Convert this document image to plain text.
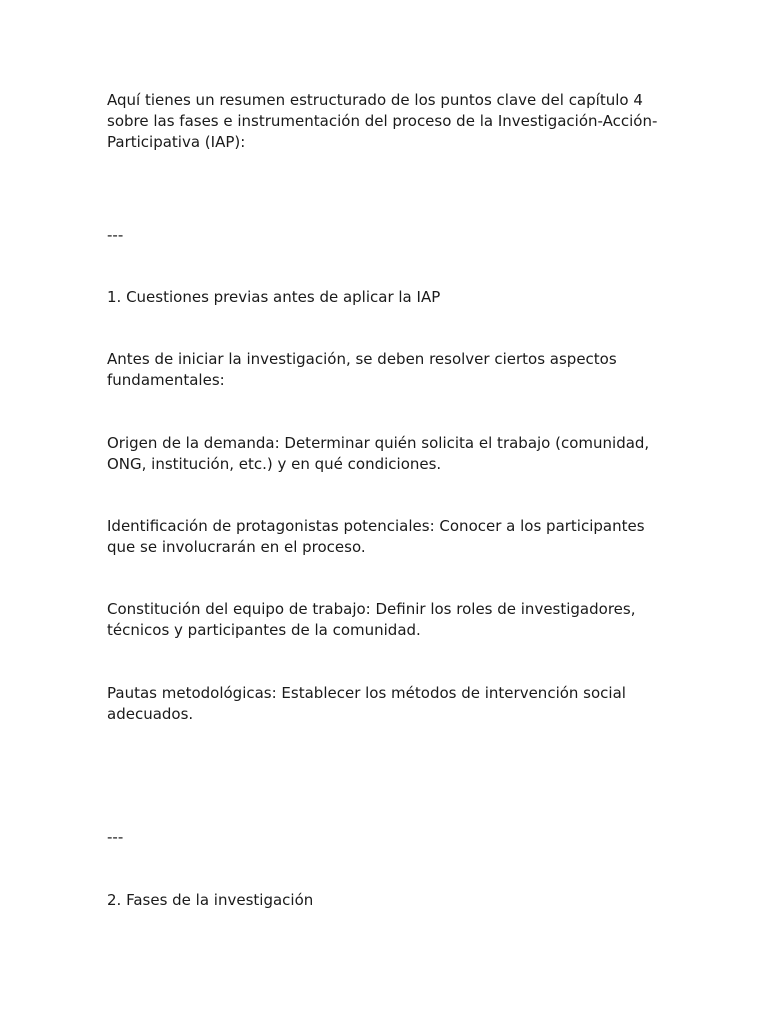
Aquí tienes un resumen estructurado de los puntos clave del capítulo 4
sobre las fases e instrumentación del proceso de la Investigación-Acción-
Participativa (IAP):

---

1. Cuestiones previas antes de aplicar la IAP

Antes de iniciar la investigación, se deben resolver ciertos aspectos
fundamentales:

Origen de la demanda: Determinar quién solicita el trabajo (comunidad,
ONG, institución, etc.) y en qué condiciones.

Identificación de protagonistas potenciales: Conocer a los participantes
que se involucrarán en el proceso.

Constitución del equipo de trabajo: Definir los roles de investigadores,
técnicos y participantes de la comunidad.

Pautas metodológicas: Establecer los métodos de intervención social
adecuados.

---

2. Fases de la investigación
